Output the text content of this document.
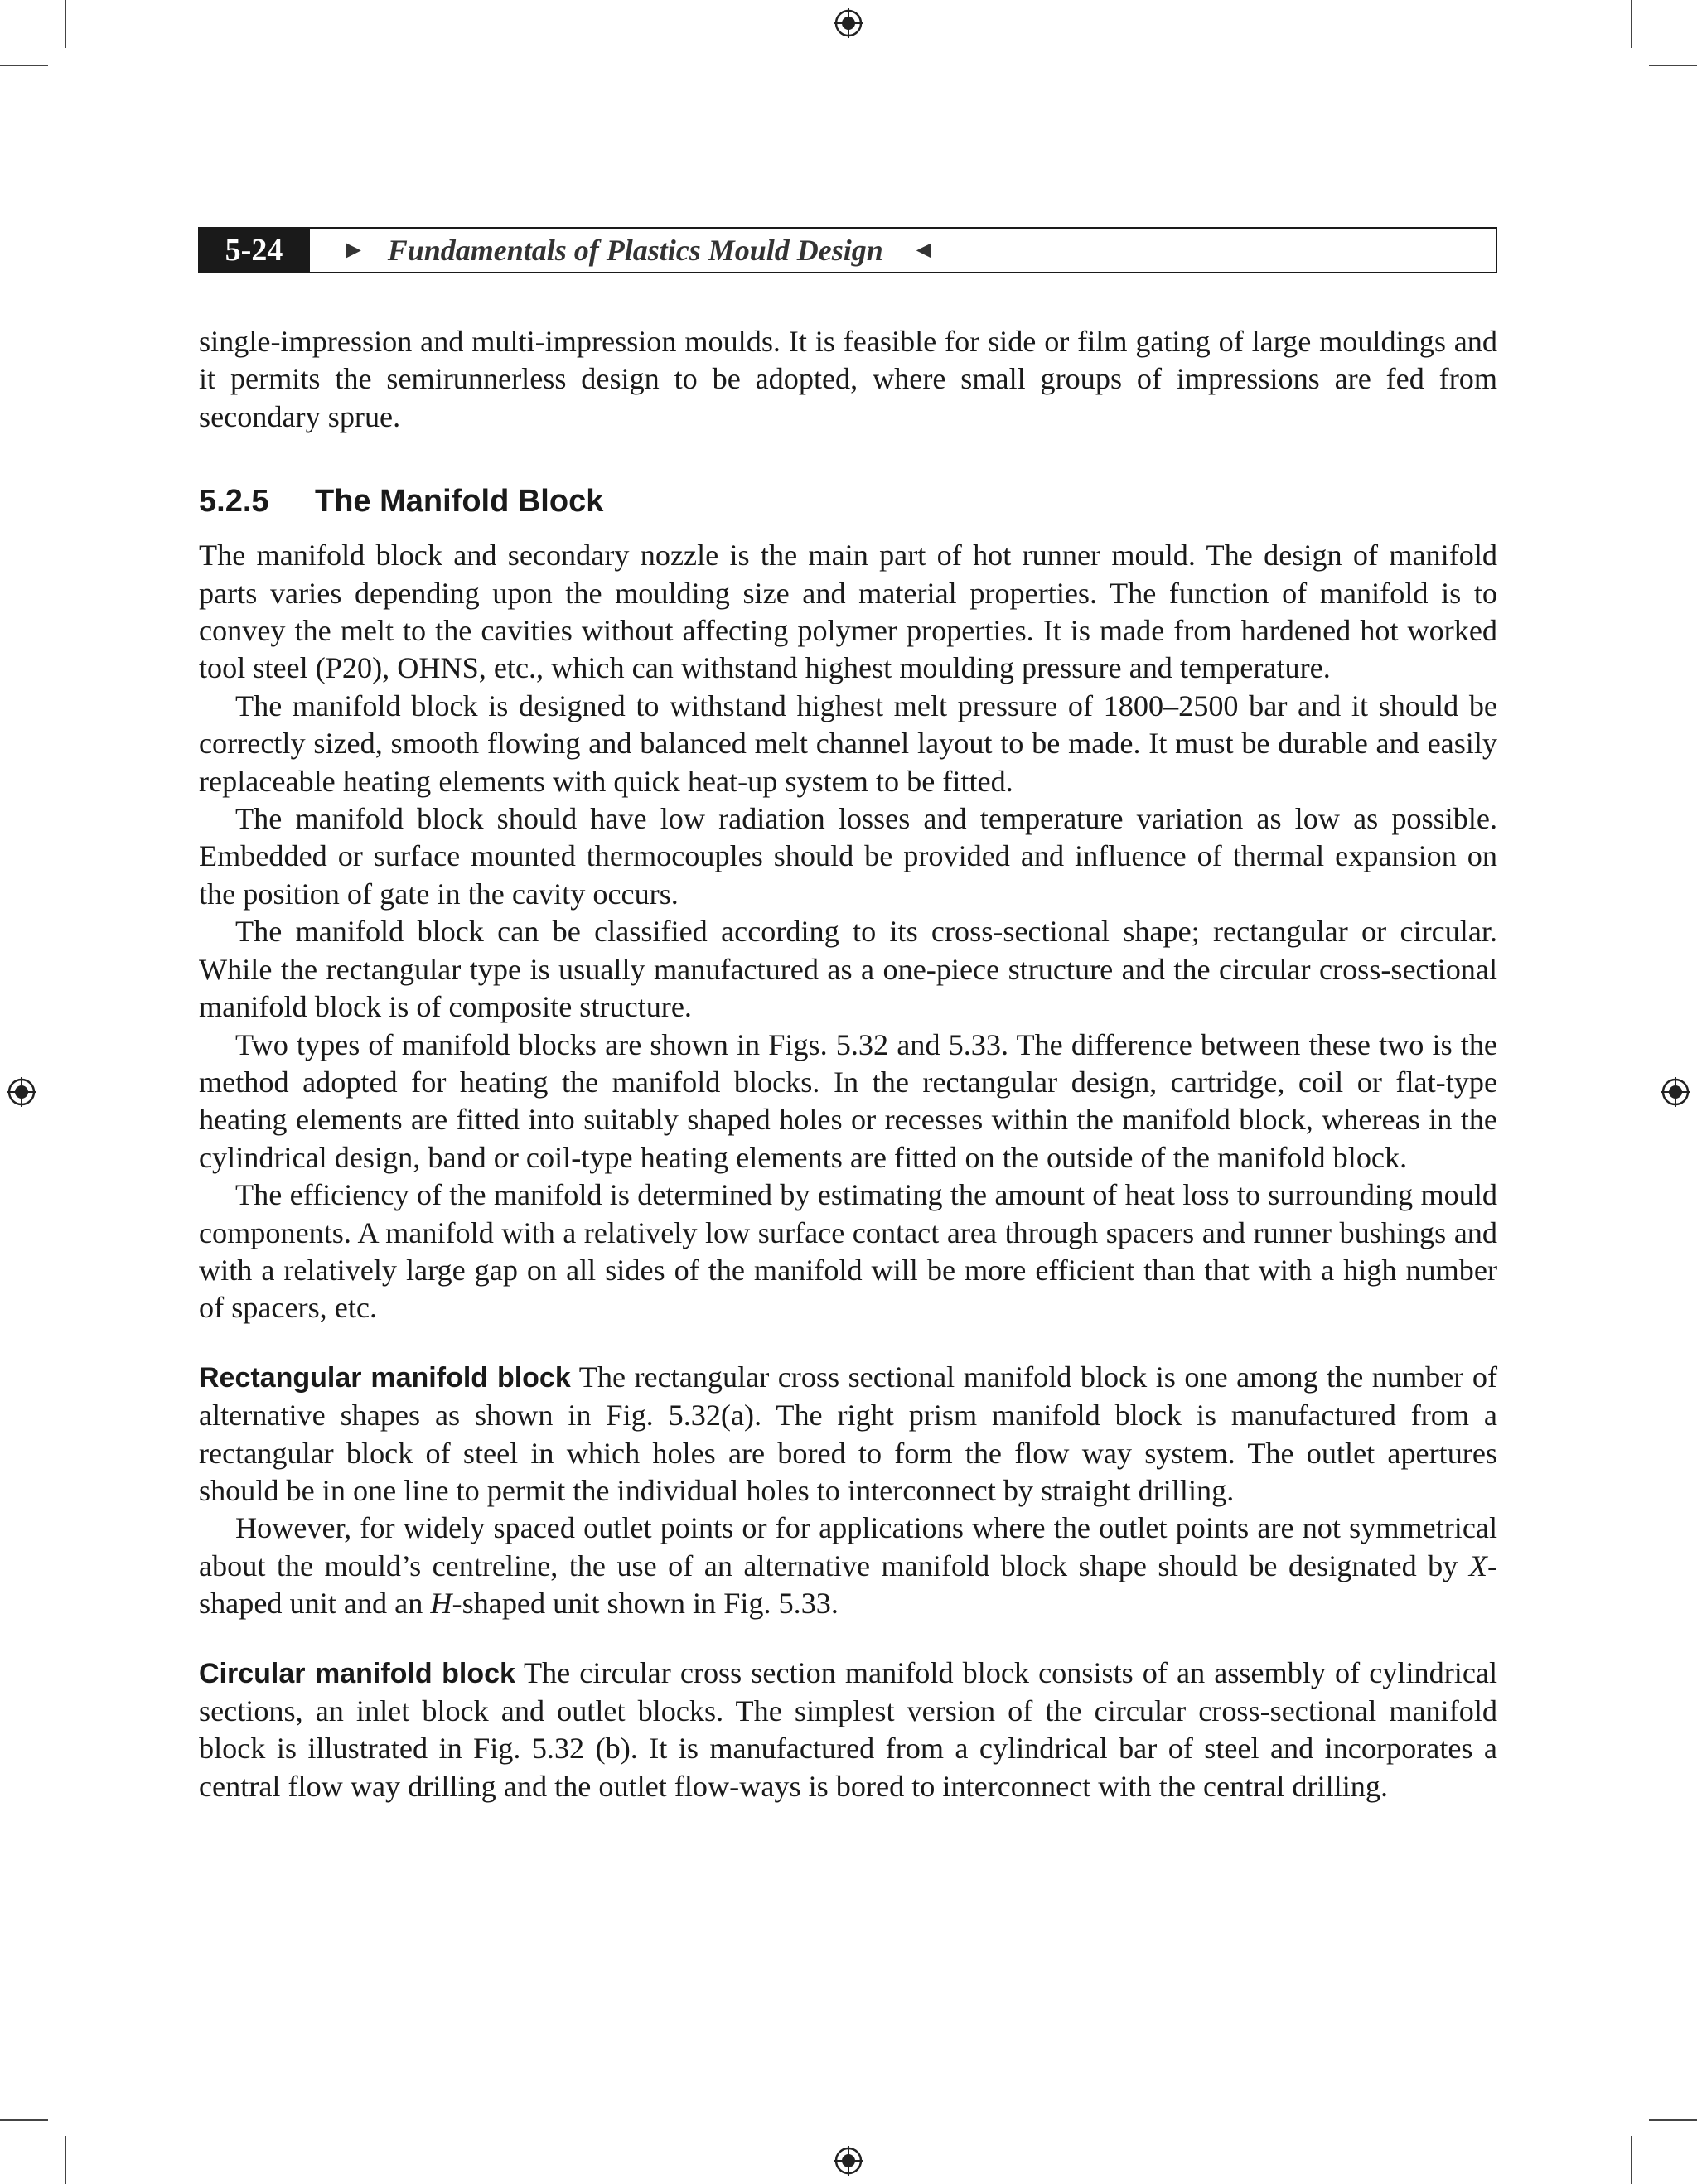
5-24	► Fundamentals of Plastics Mould Design ◄

single-impression and multi-impression moulds. It is feasible for side or film gating of large mouldings and it permits the semirunnerless design to be adopted, where small groups of impressions are fed from secondary sprue.

5.2.5 The Manifold Block

The manifold block and secondary nozzle is the main part of hot runner mould. The design of manifold parts varies depending upon the moulding size and material properties. The function of manifold is to convey the melt to the cavities without affecting polymer properties. It is made from hardened hot worked tool steel (P20), OHNS, etc., which can withstand highest moulding pressure and temperature.

The manifold block is designed to withstand highest melt pressure of 1800–2500 bar and it should be correctly sized, smooth flowing and balanced melt channel layout to be made. It must be durable and easily replaceable heating elements with quick heat-up system to be fitted.

The manifold block should have low radiation losses and temperature variation as low as possible. Embedded or surface mounted thermocouples should be provided and influence of thermal expansion on the position of gate in the cavity occurs.

The manifold block can be classified according to its cross-sectional shape; rectangular or circular. While the rectangular type is usually manufactured as a one-piece structure and the circular cross-sectional manifold block is of composite structure.

Two types of manifold blocks are shown in Figs. 5.32 and 5.33. The difference between these two is the method adopted for heating the manifold blocks. In the rectangular design, cartridge, coil or flat-type heating elements are fitted into suitably shaped holes or recesses within the manifold block, whereas in the cylindrical design, band or coil-type heating elements are fitted on the outside of the manifold block.

The efficiency of the manifold is determined by estimating the amount of heat loss to surrounding mould components. A manifold with a relatively low surface contact area through spacers and runner bushings and with a relatively large gap on all sides of the manifold will be more efficient than that with a high number of spacers, etc.

Rectangular manifold block The rectangular cross sectional manifold block is one among the number of alternative shapes as shown in Fig. 5.32(a). The right prism manifold block is manufactured from a rectangular block of steel in which holes are bored to form the flow way system. The outlet apertures should be in one line to permit the individual holes to interconnect by straight drilling.

However, for widely spaced outlet points or for applications where the outlet points are not symmetrical about the mould’s centreline, the use of an alternative manifold block shape should be designated by X-shaped unit and an H-shaped unit shown in Fig. 5.33.

Circular manifold block The circular cross section manifold block consists of an assembly of cylindrical sections, an inlet block and outlet blocks. The simplest version of the circular cross-sectional manifold block is illustrated in Fig. 5.32 (b). It is manufactured from a cylindrical bar of steel and incorporates a central flow way drilling and the outlet flow-ways is bored to interconnect with the central drilling.
